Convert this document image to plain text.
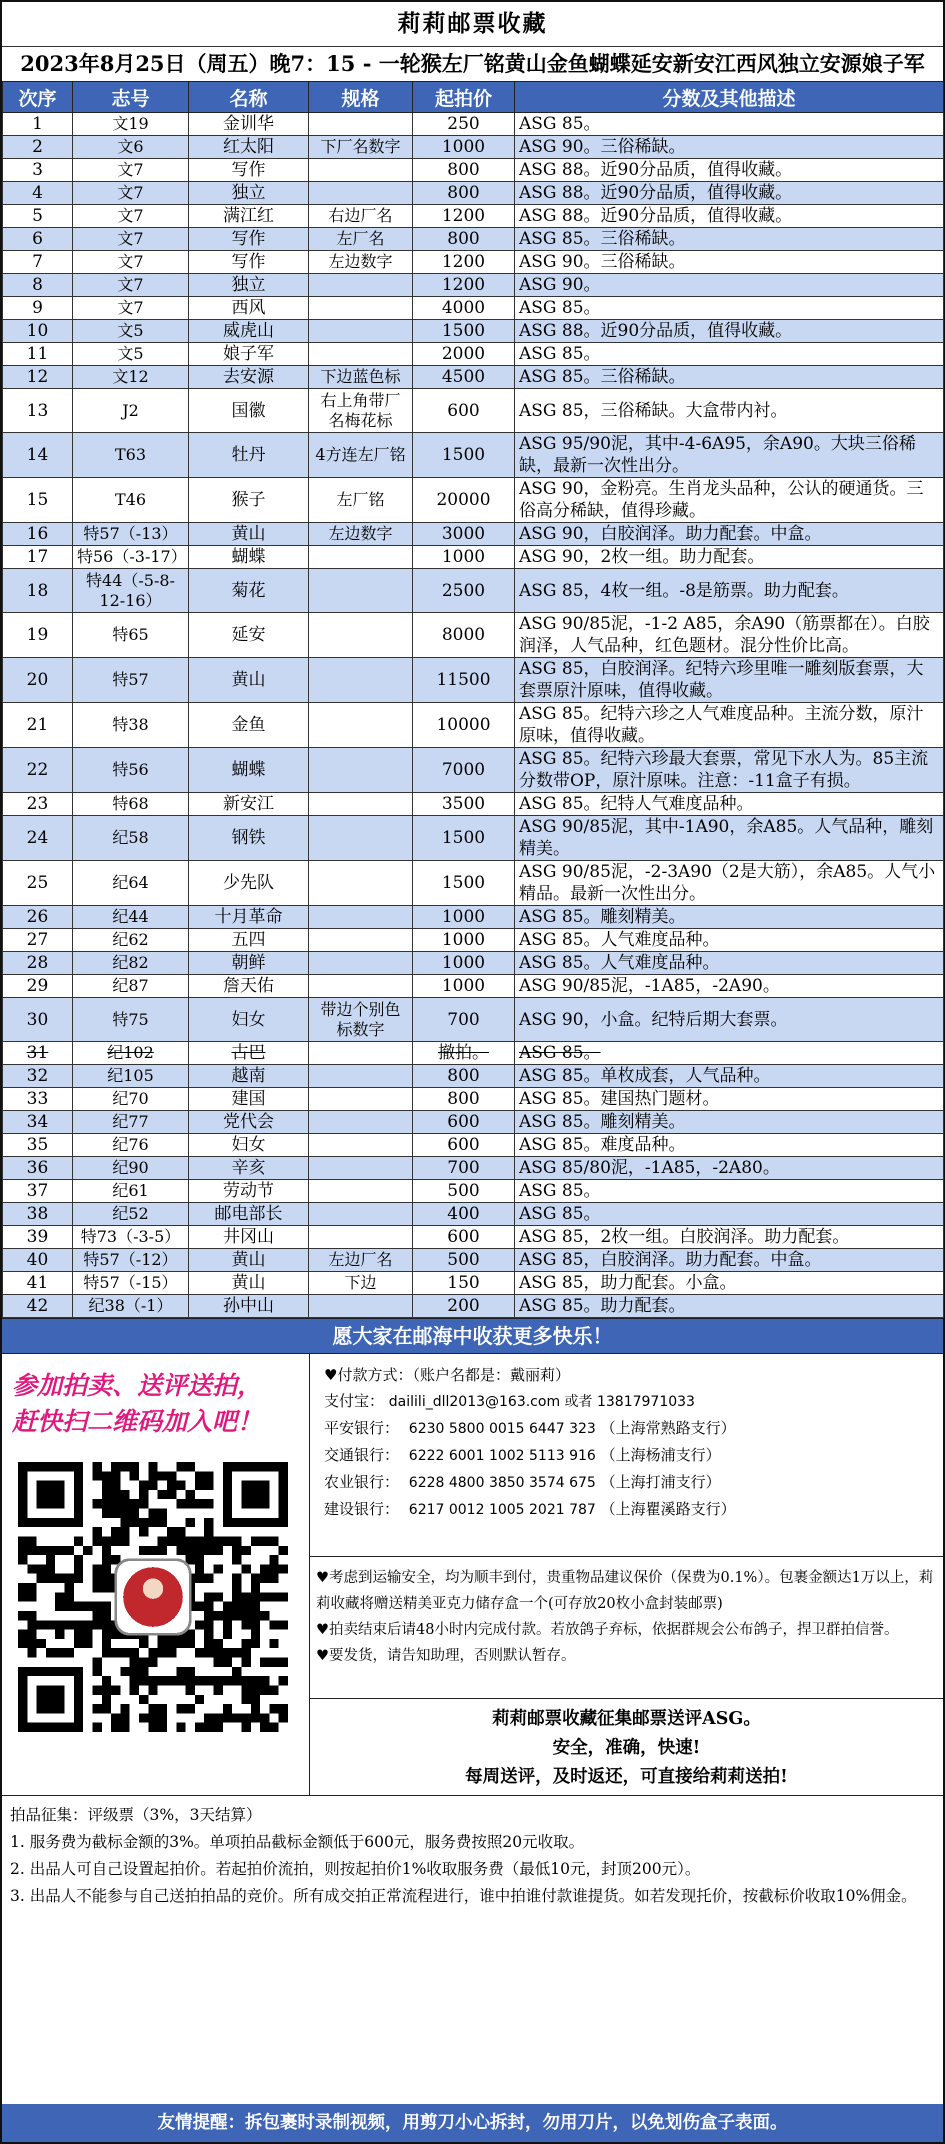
莉莉邮票收藏
2023年8月25日（周五）晚7：15 - 一轮猴左厂铭黄山金鱼蝴蝶延安新安江西风独立安源娘子军
次序	志号	名称	规格	起拍价	分数及其他描述
1	文19	金训华		250	ASG 85。
2	文6	红太阳	下厂名数字	1000	ASG 90。三俗稀缺。
3	文7	写作		800	ASG 88。近90分品质，值得收藏。
4	文7	独立		800	ASG 88。近90分品质，值得收藏。
5	文7	满江红	右边厂名	1200	ASG 88。近90分品质，值得收藏。
6	文7	写作	左厂名	800	ASG 85。三俗稀缺。
7	文7	写作	左边数字	1200	ASG 90。三俗稀缺。
8	文7	独立		1200	ASG 90。
9	文7	西风		4000	ASG 85。
10	文5	威虎山		1500	ASG 88。近90分品质，值得收藏。
11	文5	娘子军		2000	ASG 85。
12	文12	去安源	下边蓝色标	4500	ASG 85。三俗稀缺。
13	J2	国徽	右上角带厂名梅花标	600	ASG 85，三俗稀缺。大盒带内衬。
14	T63	牡丹	4方连左厂铭	1500	ASG 95/90泥，其中-4-6A95，余A90。大块三俗稀缺，最新一次性出分。
15	T46	猴子	左厂铭	20000	ASG 90，金粉亮。生肖龙头品种，公认的硬通货。三俗高分稀缺，值得珍藏。
16	特57（-13）	黄山	左边数字	3000	ASG 90，白胶润泽。助力配套。中盒。
17	特56（-3-17）	蝴蝶		1000	ASG 90，2枚一组。助力配套。
18	特44（-5-8-12-16）	菊花		2500	ASG 85，4枚一组。-8是筋票。助力配套。
19	特65	延安		8000	ASG 90/85泥，-1-2 A85，余A90（筋票都在）。白胶润泽，人气品种，红色题材。混分性价比高。
20	特57	黄山		11500	ASG 85，白胶润泽。纪特六珍里唯一雕刻版套票，大套票原汁原味，值得收藏。
21	特38	金鱼		10000	ASG 85。纪特六珍之人气难度品种。主流分数，原汁原味，值得收藏。
22	特56	蝴蝶		7000	ASG 85。纪特六珍最大套票，常见下水人为。85主流分数带OP，原汁原味。注意：-11盒子有损。
23	特68	新安江		3500	ASG 85。纪特人气难度品种。
24	纪58	钢铁		1500	ASG 90/85泥，其中-1A90，余A85。人气品种，雕刻精美。
25	纪64	少先队		1500	ASG 90/85泥，-2-3A90（2是大筋），余A85。人气小精品。最新一次性出分。
26	纪44	十月革命		1000	ASG 85。雕刻精美。
27	纪62	五四		1000	ASG 85。人气难度品种。
28	纪82	朝鲜		1000	ASG 85。人气难度品种。
29	纪87	詹天佑		1000	ASG 90/85泥，-1A85，-2A90。
30	特75	妇女	带边个别色标数字	700	ASG 90，小盒。纪特后期大套票。
31	纪102	古巴		撤拍。	ASG 85。
32	纪105	越南		800	ASG 85。单枚成套，人气品种。
33	纪70	建国		800	ASG 85。建国热门题材。
34	纪77	党代会		600	ASG 85。雕刻精美。
35	纪76	妇女		600	ASG 85。难度品种。
36	纪90	辛亥		700	ASG 85/80泥，-1A85，-2A80。
37	纪61	劳动节		500	ASG 85。
38	纪52	邮电部长		400	ASG 85。
39	特73（-3-5）	井冈山		600	ASG 85，2枚一组。白胶润泽。助力配套。
40	特57（-12）	黄山	左边厂名	500	ASG 85，白胶润泽。助力配套。中盒。
41	特57（-15）	黄山	下边	150	ASG 85，助力配套。小盒。
42	纪38（-1）	孙中山		200	ASG 85。助力配套。
愿大家在邮海中收获更多快乐！
参加拍卖、送评送拍，
赶快扫二维码加入吧！
♥付款方式：（账户名都是：戴丽莉）
支付宝： dailili_dll2013@163.com 或者 13817971033
平安银行： 6230 5800 0015 6447 323 （上海常熟路支行）
交通银行： 6222 6001 1002 5113 916 （上海杨浦支行）
农业银行： 6228 4800 3850 3574 675 （上海打浦支行）
建设银行： 6217 0012 1005 2021 787 （上海瞿溪路支行）

♥考虑到运输安全，均为顺丰到付，贵重物品建议保价（保费为0.1%）。包裹金额达1万以上，莉莉收藏将赠送精美亚克力储存盒一个(可存放20枚小盒封装邮票)

♥拍卖结束后请48小时内完成付款。若放鸽子弃标，依据群规会公布鸽子，捍卫群拍信誉。

♥要发货，请告知助理，否则默认暂存。

莉莉邮票收藏征集邮票送评ASG。
安全，准确，快速!
每周送评，及时返还，可直接给莉莉送拍!
拍品征集：评级票（3%，3天结算）
1. 服务费为截标金额的3%。单项拍品截标金额低于600元，服务费按照20元收取。
2. 出品人可自己设置起拍价。若起拍价流拍，则按起拍价1%收取服务费（最低10元，封顶200元）。
3. 出品人不能参与自己送拍拍品的竞价。所有成交拍正常流程进行，谁中拍谁付款谁提货。如若发现托价，按截标价收取10%佣金。
友情提醒：拆包裹时录制视频，用剪刀小心拆封，勿用刀片，以免划伤盒子表面。
